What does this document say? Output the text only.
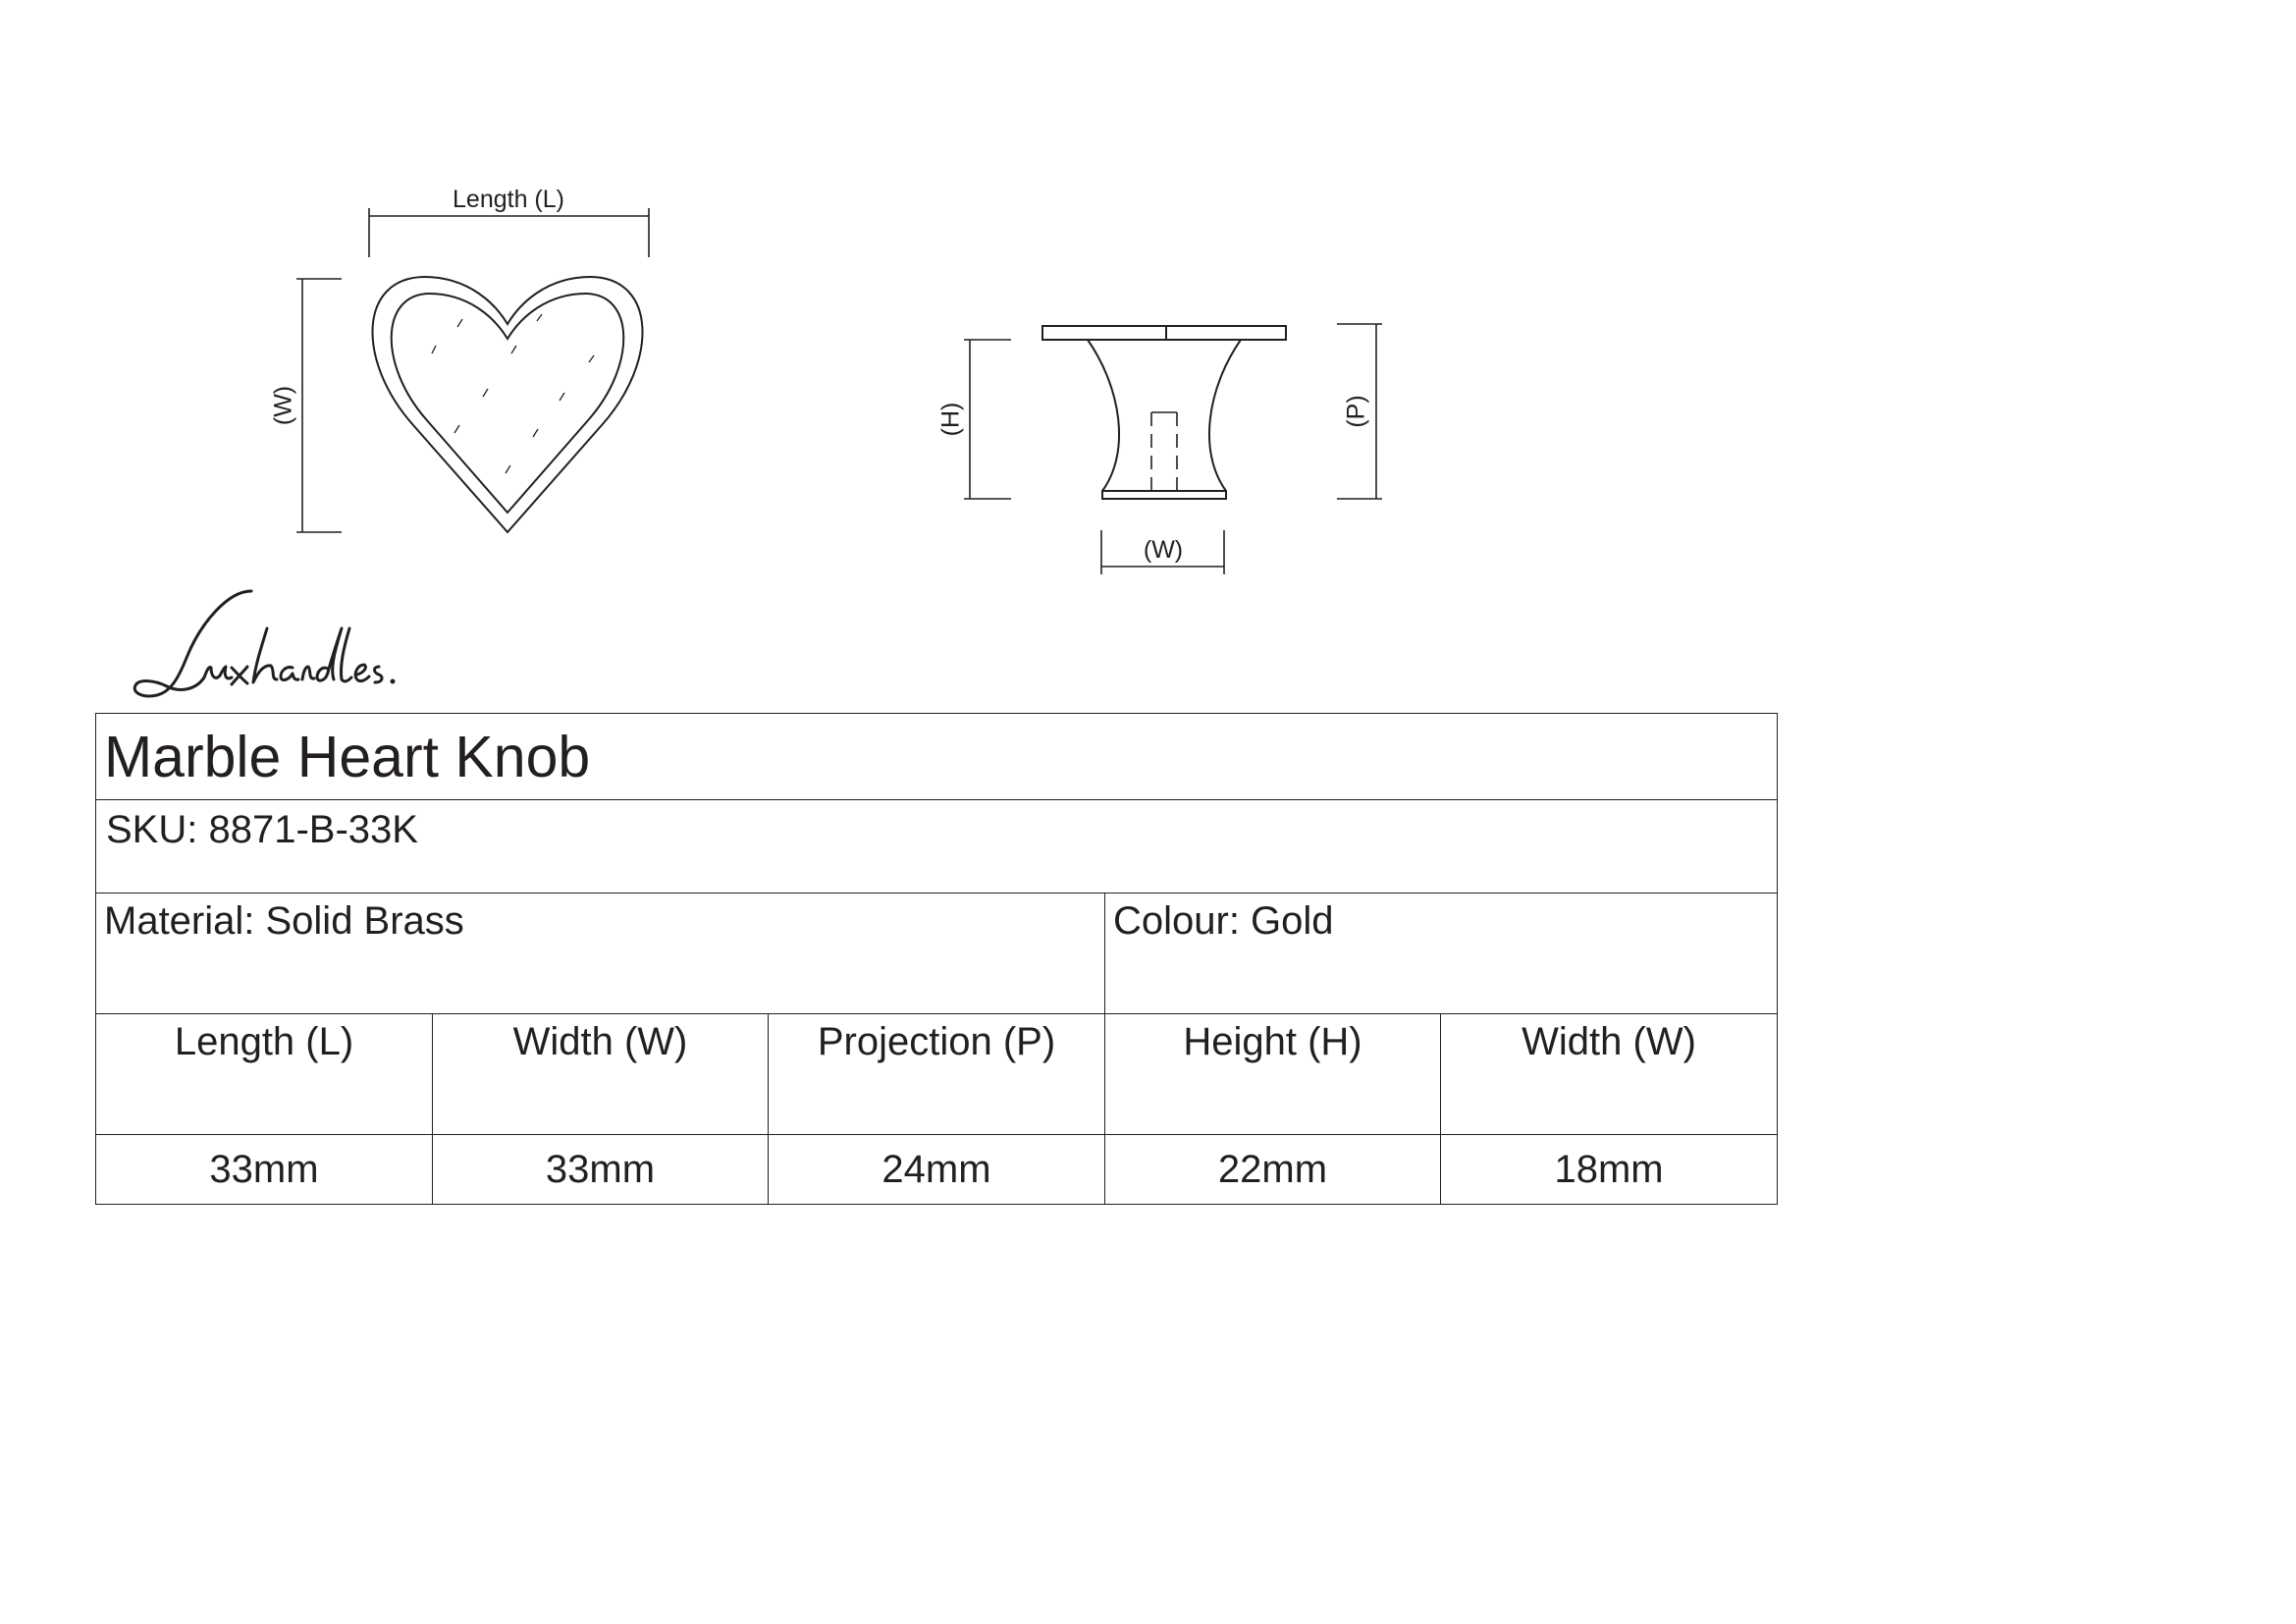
Length (L)
(W)	(H)	(P)
(W)
Marble Heart Knob				
SKU: 8871-B-33K				
Material: Solid Brass			Colour: Gold	
Length (L)	Width (W)	Projection (P)	Height (H)	Width (W)
33mm	33mm	24mm	22mm	18mm
